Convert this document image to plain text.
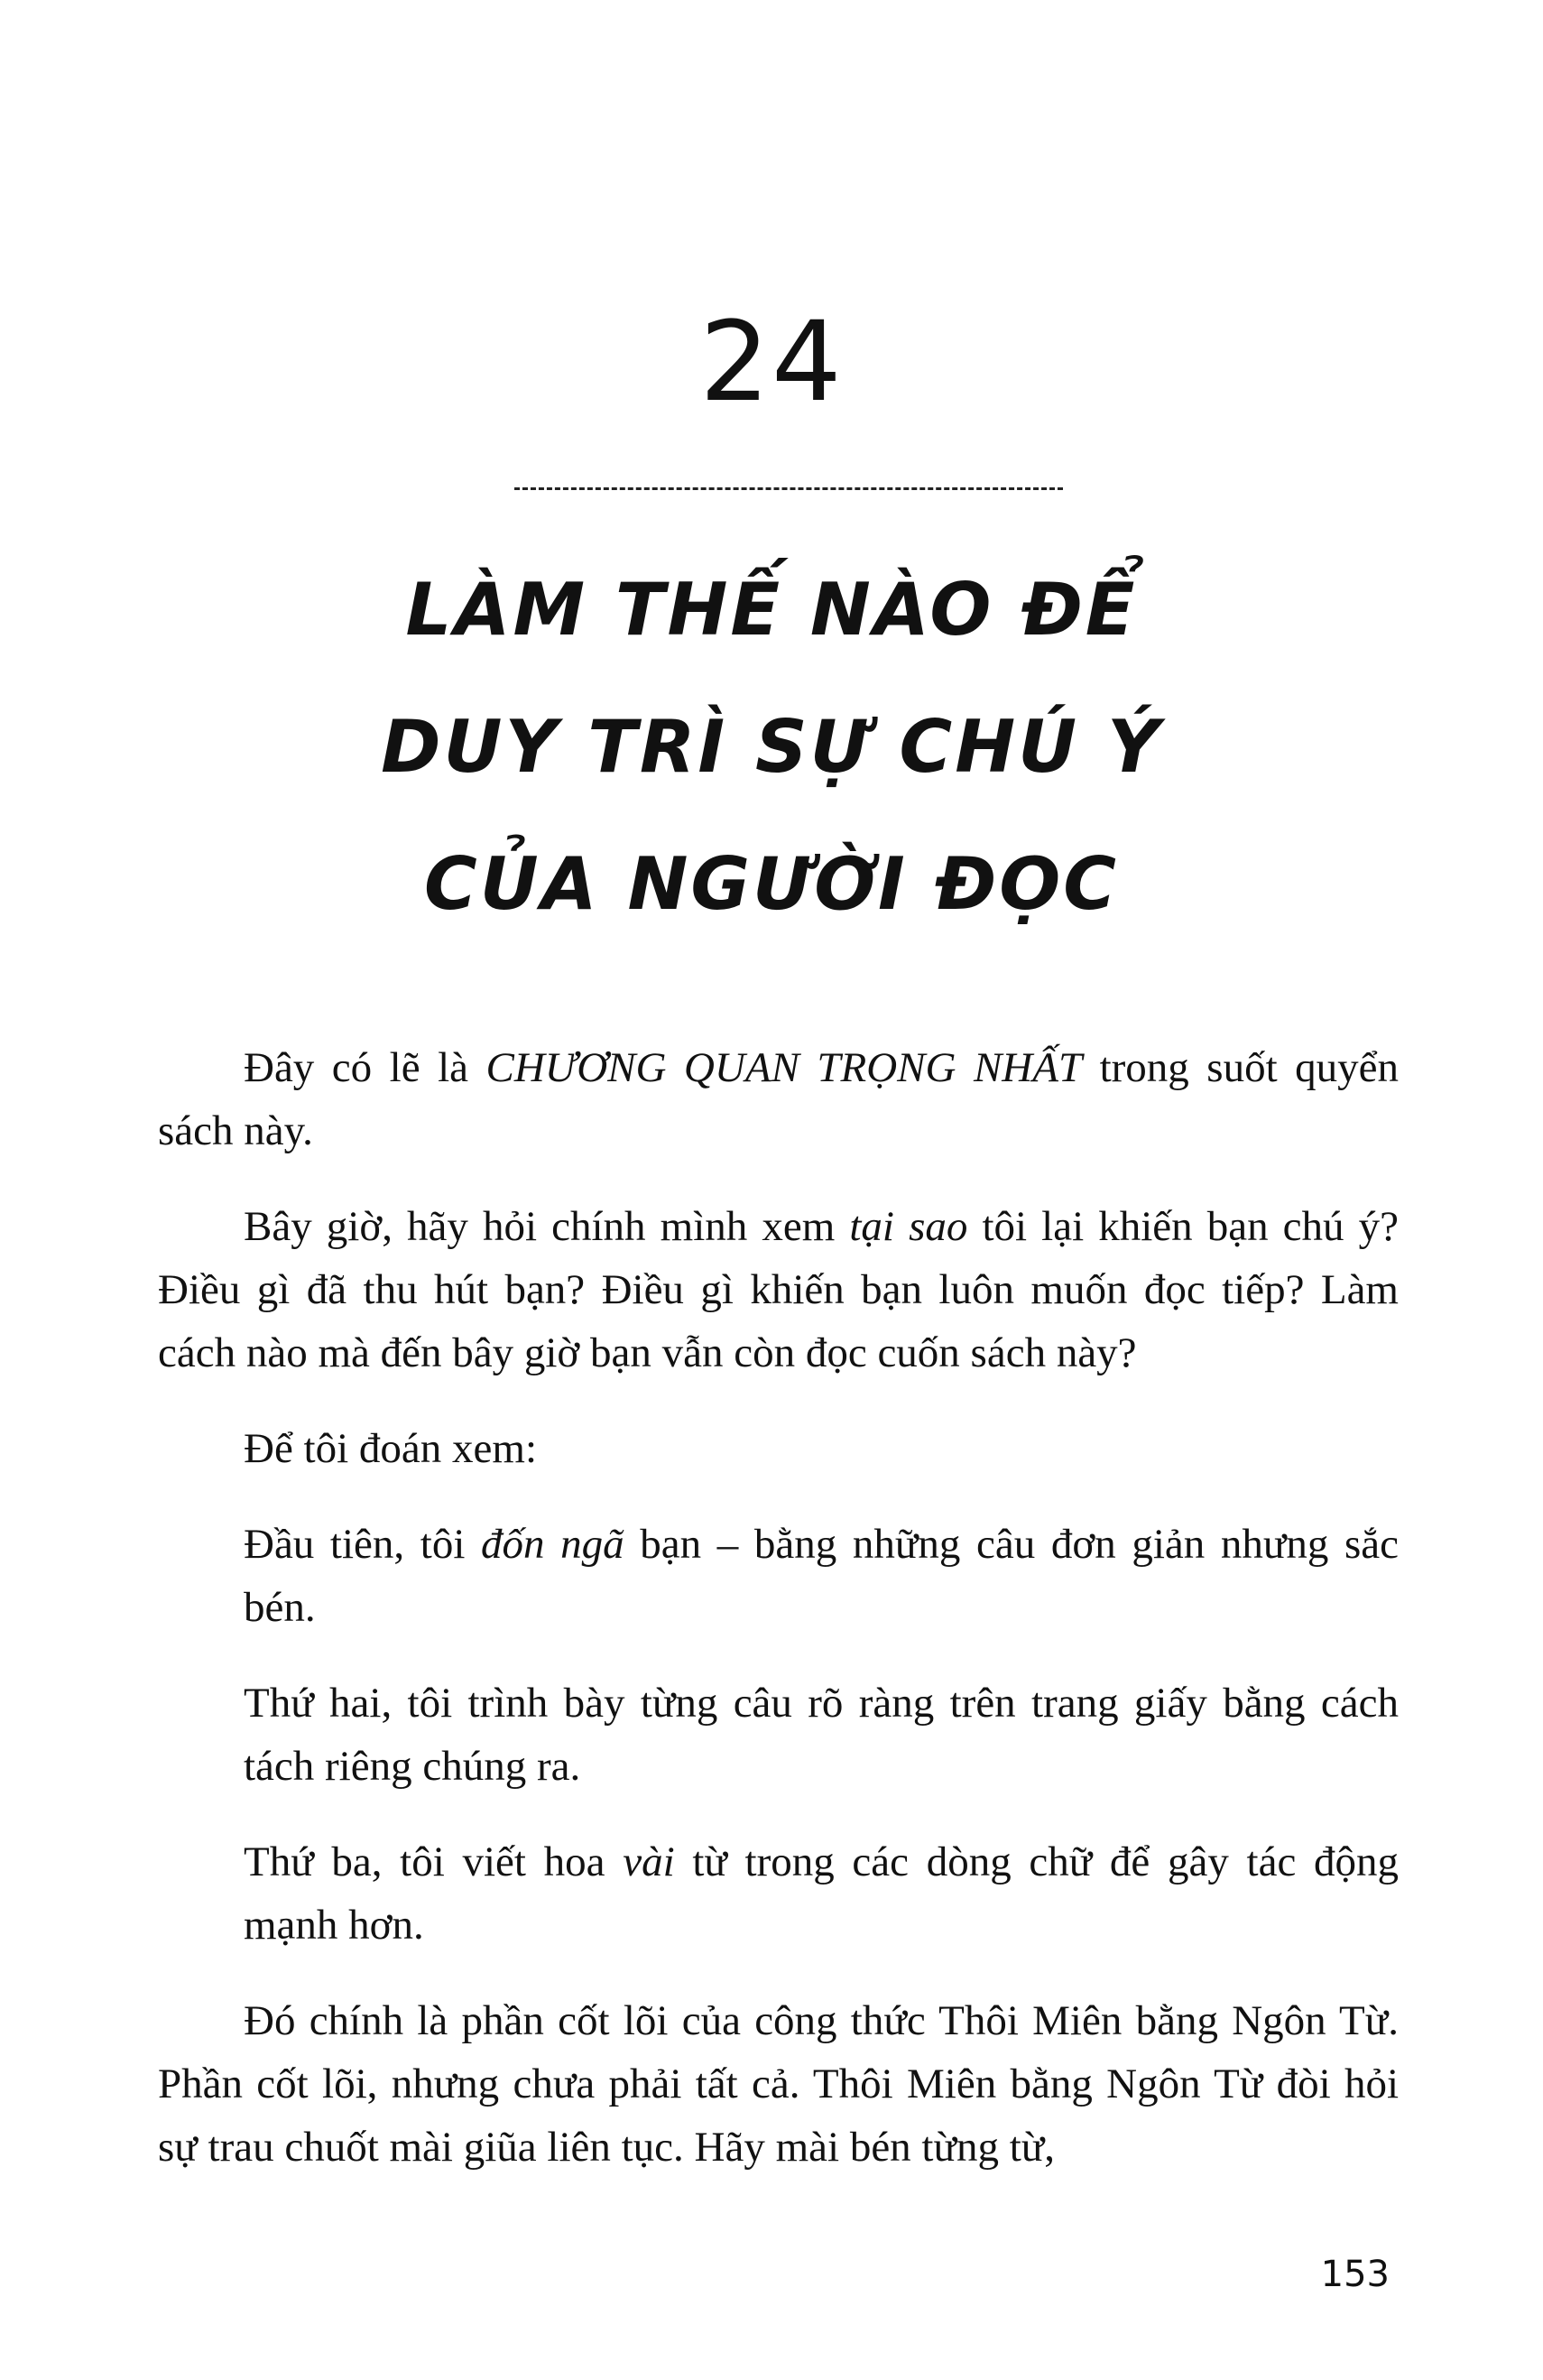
24
LÀM THẾ NÀO ĐỂ
DUY TRÌ SỰ CHÚ Ý
CỦA NGƯỜI ĐỌC

Đây có lẽ là CHƯƠNG QUAN TRỌNG NHẤT trong suốt quyển sách này.

Bây giờ, hãy hỏi chính mình xem tại sao tôi lại khiến bạn chú ý? Điều gì đã thu hút bạn? Điều gì khiến bạn luôn muốn đọc tiếp? Làm cách nào mà đến bây giờ bạn vẫn còn đọc cuốn sách này?

Để tôi đoán xem:

Đầu tiên, tôi đốn ngã bạn – bằng những câu đơn giản nhưng sắc bén.

Thứ hai, tôi trình bày từng câu rõ ràng trên trang giấy bằng cách tách riêng chúng ra.

Thứ ba, tôi viết hoa vài từ trong các dòng chữ để gây tác động mạnh hơn.

Đó chính là phần cốt lõi của công thức Thôi Miên bằng Ngôn Từ. Phần cốt lõi, nhưng chưa phải tất cả. Thôi Miên bằng Ngôn Từ đòi hỏi sự trau chuốt mài giũa liên tục. Hãy mài bén từng từ,

153
